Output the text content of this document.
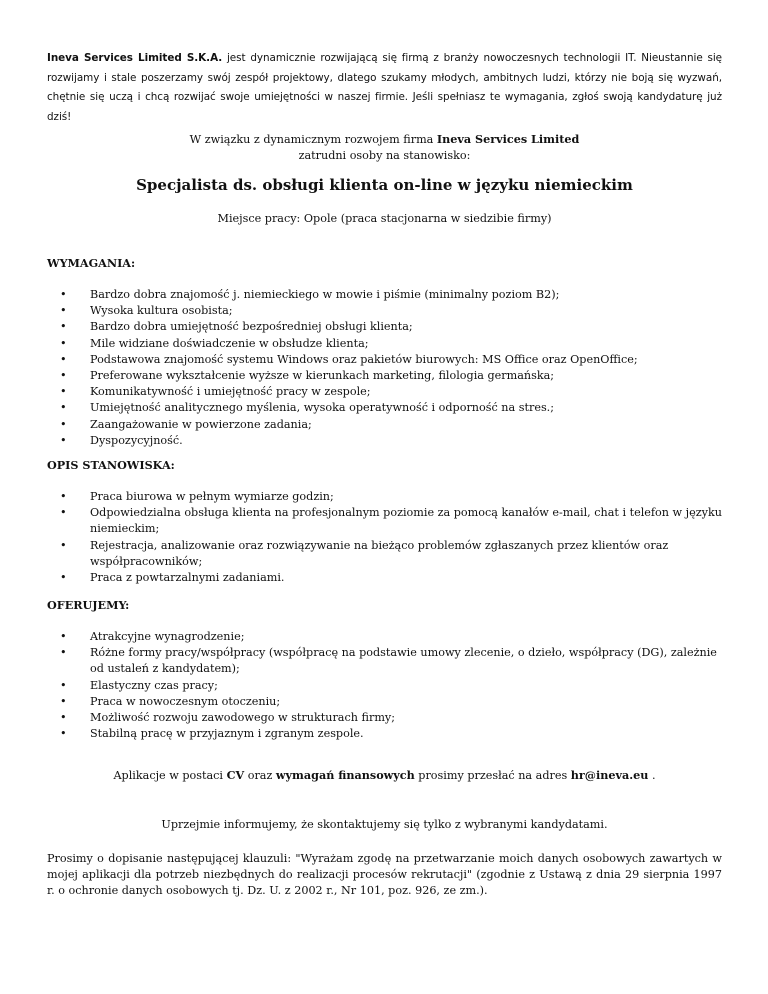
Ineva Services Limited S.K.A. jest dynamicznie rozwijającą się firmą z branży nowoczesnych technologii IT. Nieustannie się rozwijamy i stale poszerzamy swój zespół projektowy, dlatego szukamy młodych, ambitnych ludzi, którzy nie boją się wyzwań, chętnie się uczą i chcą rozwijać swoje umiejętności w naszej firmie. Jeśli spełniasz te wymagania, zgłoś swoją kandydaturę już dziś!

W związku z dynamicznym rozwojem firma Ineva Services Limited
zatrudni osoby na stanowisko:
Specjalista ds. obsługi klienta on-line w języku niemieckim
Miejsce pracy: Opole (praca stacjonarna w siedzibie firmy)
WYMAGANIA:
• Bardzo dobra znajomość j. niemieckiego w mowie i piśmie (minimalny poziom B2);
• Wysoka kultura osobista;
• Bardzo dobra umiejętność bezpośredniej obsługi klienta;
• Mile widziane doświadczenie w obsłudze klienta;
• Podstawowa znajomość systemu Windows oraz pakietów biurowych: MS Office oraz OpenOffice;
• Preferowane wykształcenie wyższe w kierunkach marketing, filologia germańska;
• Komunikatywność i umiejętność pracy w zespole;
• Umiejętność analitycznego myślenia, wysoka operatywność i odporność na stres.;
• Zaangażowanie w powierzone zadania;
• Dyspozycyjność.
OPIS STANOWISKA:
• Praca biurowa w pełnym wymiarze godzin;
• Odpowiedzialna obsługa klienta na profesjonalnym poziomie za pomocą kanałów e-mail, chat i telefon w języku niemieckim;
• Rejestracja, analizowanie oraz rozwiązywanie na bieżąco problemów zgłaszanych przez klientów oraz współpracowników;
• Praca z powtarzalnymi zadaniami.
OFERUJEMY:
• Atrakcyjne wynagrodzenie;
• Różne formy pracy/współpracy (współpracę na podstawie umowy zlecenie, o dzieło, współpracy (DG), zależnie od ustaleń z kandydatem);
• Elastyczny czas pracy;
• Praca w nowoczesnym otoczeniu;
• Możliwość rozwoju zawodowego w strukturach firmy;
• Stabilną pracę w przyjaznym i zgranym zespole.
Aplikacje w postaci CV oraz wymagań finansowych prosimy przesłać na adres hr@ineva.eu .
Uprzejmie informujemy, że skontaktujemy się tylko z wybranymi kandydatami.
Prosimy o dopisanie następującej klauzuli: "Wyrażam zgodę na przetwarzanie moich danych osobowych zawartych w mojej aplikacji dla potrzeb niezbędnych do realizacji procesów rekrutacji" (zgodnie z Ustawą z dnia 29 sierpnia 1997 r. o ochronie danych osobowych tj. Dz. U. z 2002 r., Nr 101, poz. 926, ze zm.).
